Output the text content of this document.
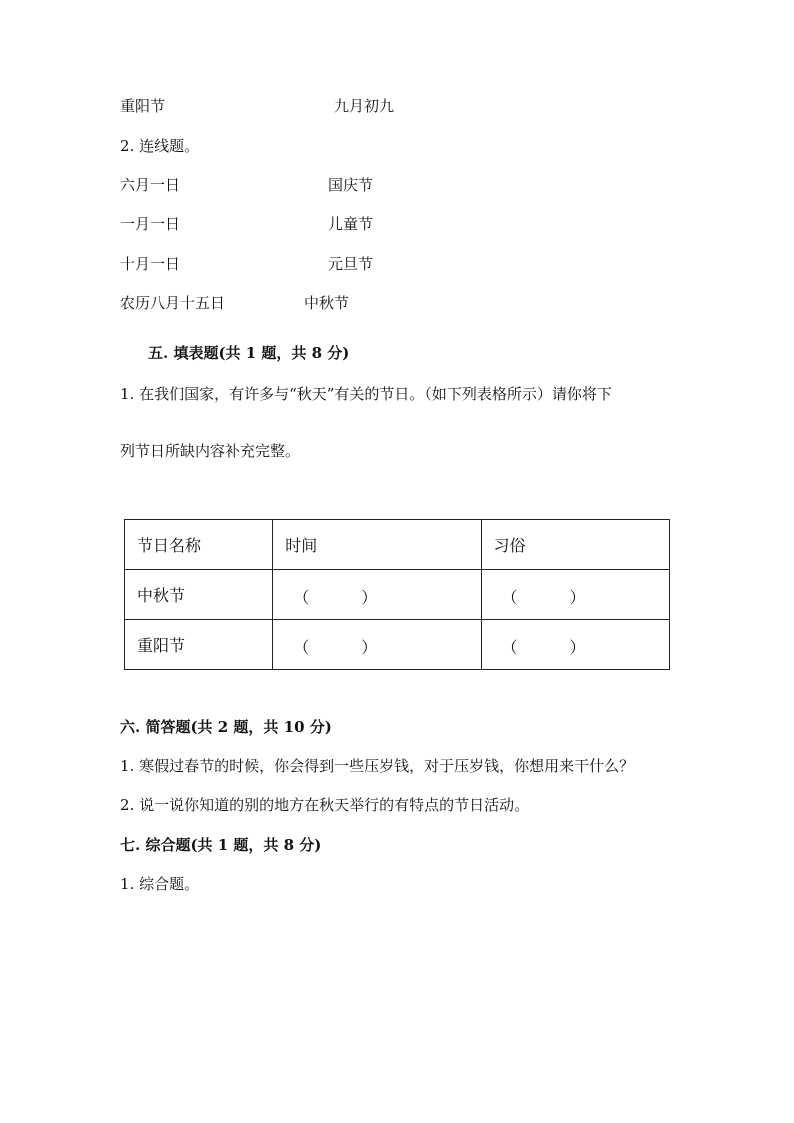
重阳节	九月初九
2. 连线题。
六月一日	国庆节
一月一日	儿童节
十月一日	元旦节
农历八月十五日	中秋节
五. 填表题(共 1 题，共 8 分)
1. 在我们国家，有许多与“秋天”有关的节日。（如下列表格所示）请你将下
列节日所缺内容补充完整。
节日名称	时间	习俗
中秋节	（ ）	（ ）

重阳节	（ ）	（ ）

六. 简答题(共 2 题，共 10 分)
1. 寒假过春节的时候，你会得到一些压岁钱，对于压岁钱，你想用来干什么？
2. 说一说你知道的别的地方在秋天举行的有特点的节日活动。
七. 综合题(共 1 题，共 8 分)
1. 综合题。
